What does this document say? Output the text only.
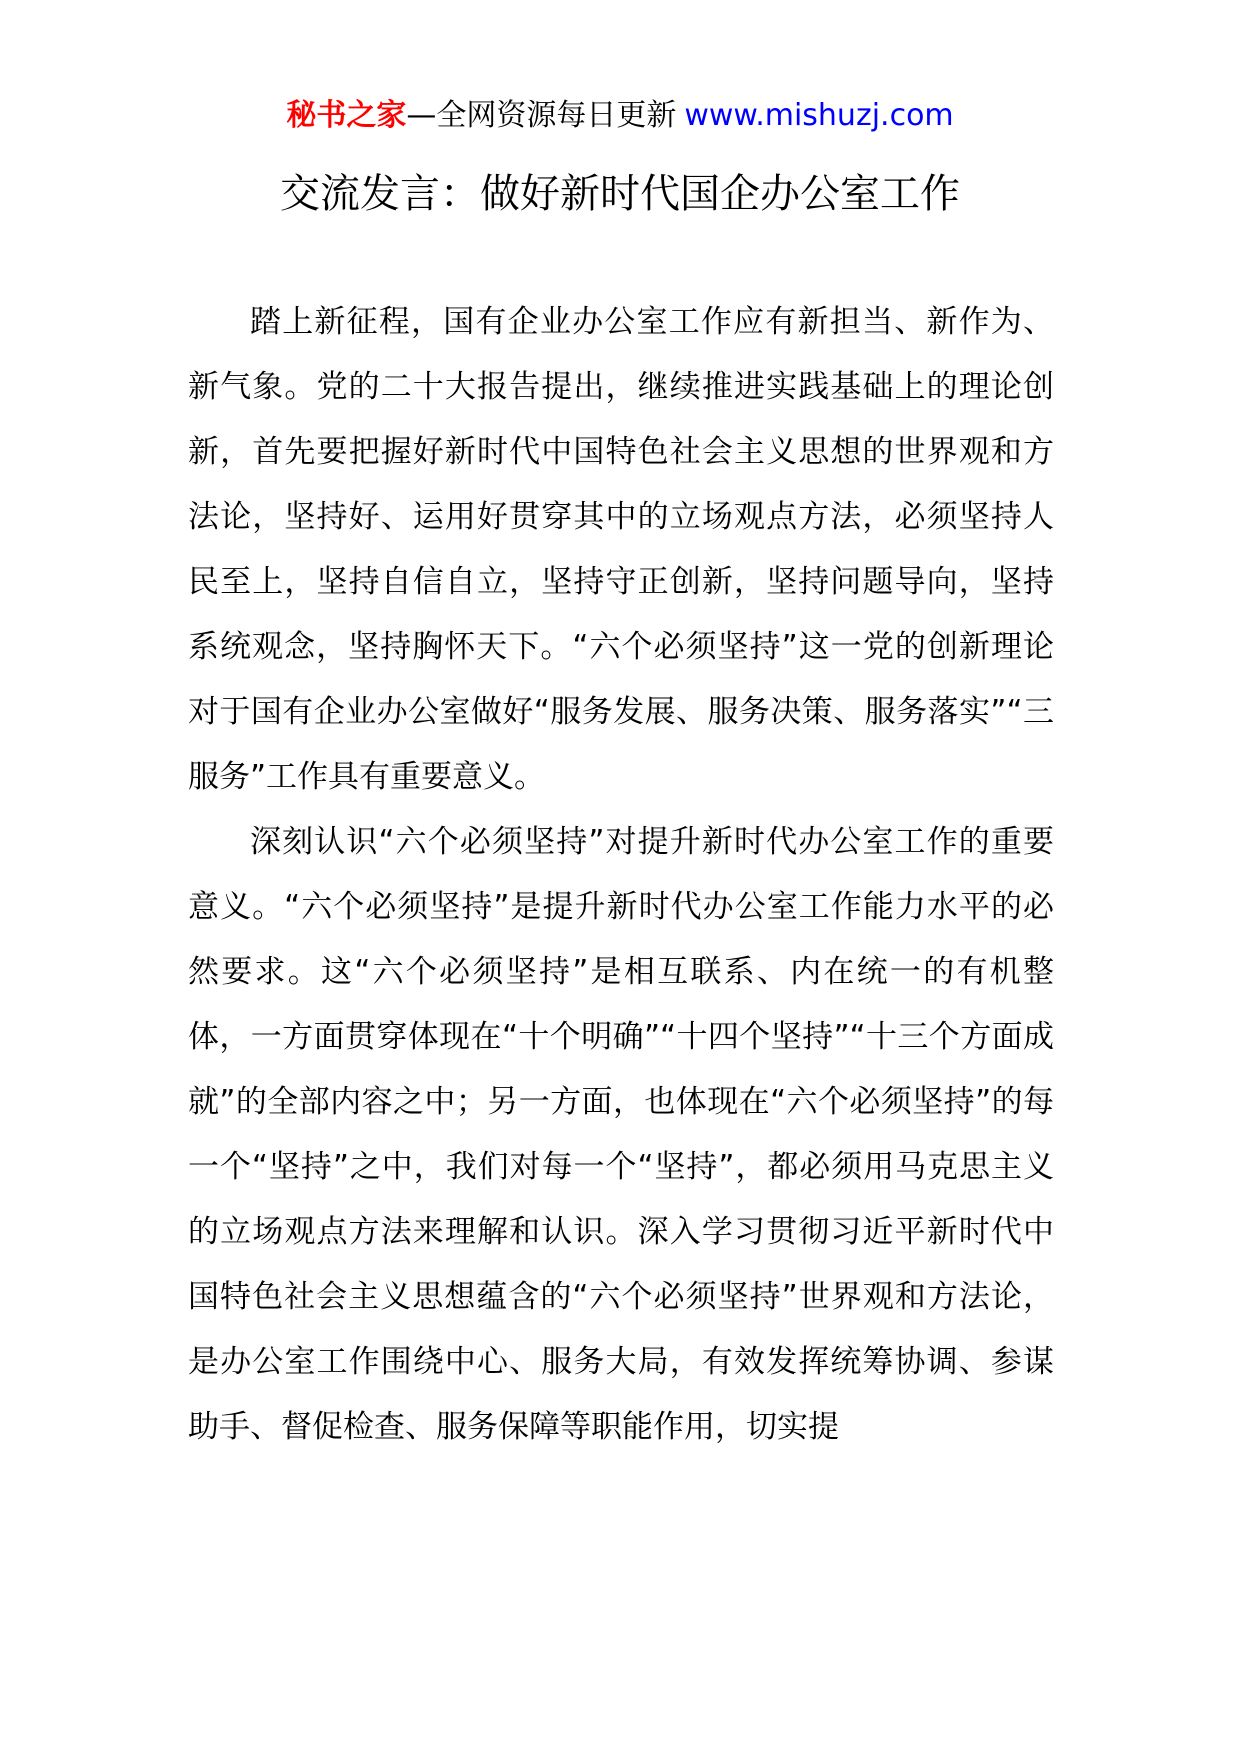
秘书之家—全网资源每日更新 www.mishuzj.com
交流发言：做好新时代国企办公室工作

踏上新征程，国有企业办公室工作应有新担当、新作为、新气象。党的二十大报告提出，继续推进实践基础上的理论创新，首先要把握好新时代中国特色社会主义思想的世界观和方法论，坚持好、运用好贯穿其中的立场观点方法，必须坚持人民至上，坚持自信自立，坚持守正创新，坚持问题导向，坚持系统观念，坚持胸怀天下。“六个必须坚持”这一党的创新理论对于国有企业办公室做好“服务发展、服务决策、服务落实”“三服务”工作具有重要意义。

深刻认识“六个必须坚持”对提升新时代办公室工作的重要意义。“六个必须坚持”是提升新时代办公室工作能力水平的必然要求。这“六个必须坚持”是相互联系、内在统一的有机整体，一方面贯穿体现在“十个明确”“十四个坚持”“十三个方面成就”的全部内容之中；另一方面，也体现在“六个必须坚持”的每一个“坚持”之中，我们对每一个“坚持”，都必须用马克思主义的立场观点方法来理解和认识。深入学习贯彻习近平新时代中国特色社会主义思想蕴含的“六个必须坚持”世界观和方法论，是办公室工作围绕中心、服务大局，有效发挥统筹协调、参谋助手、督促检查、服务保障等职能作用，切实提
